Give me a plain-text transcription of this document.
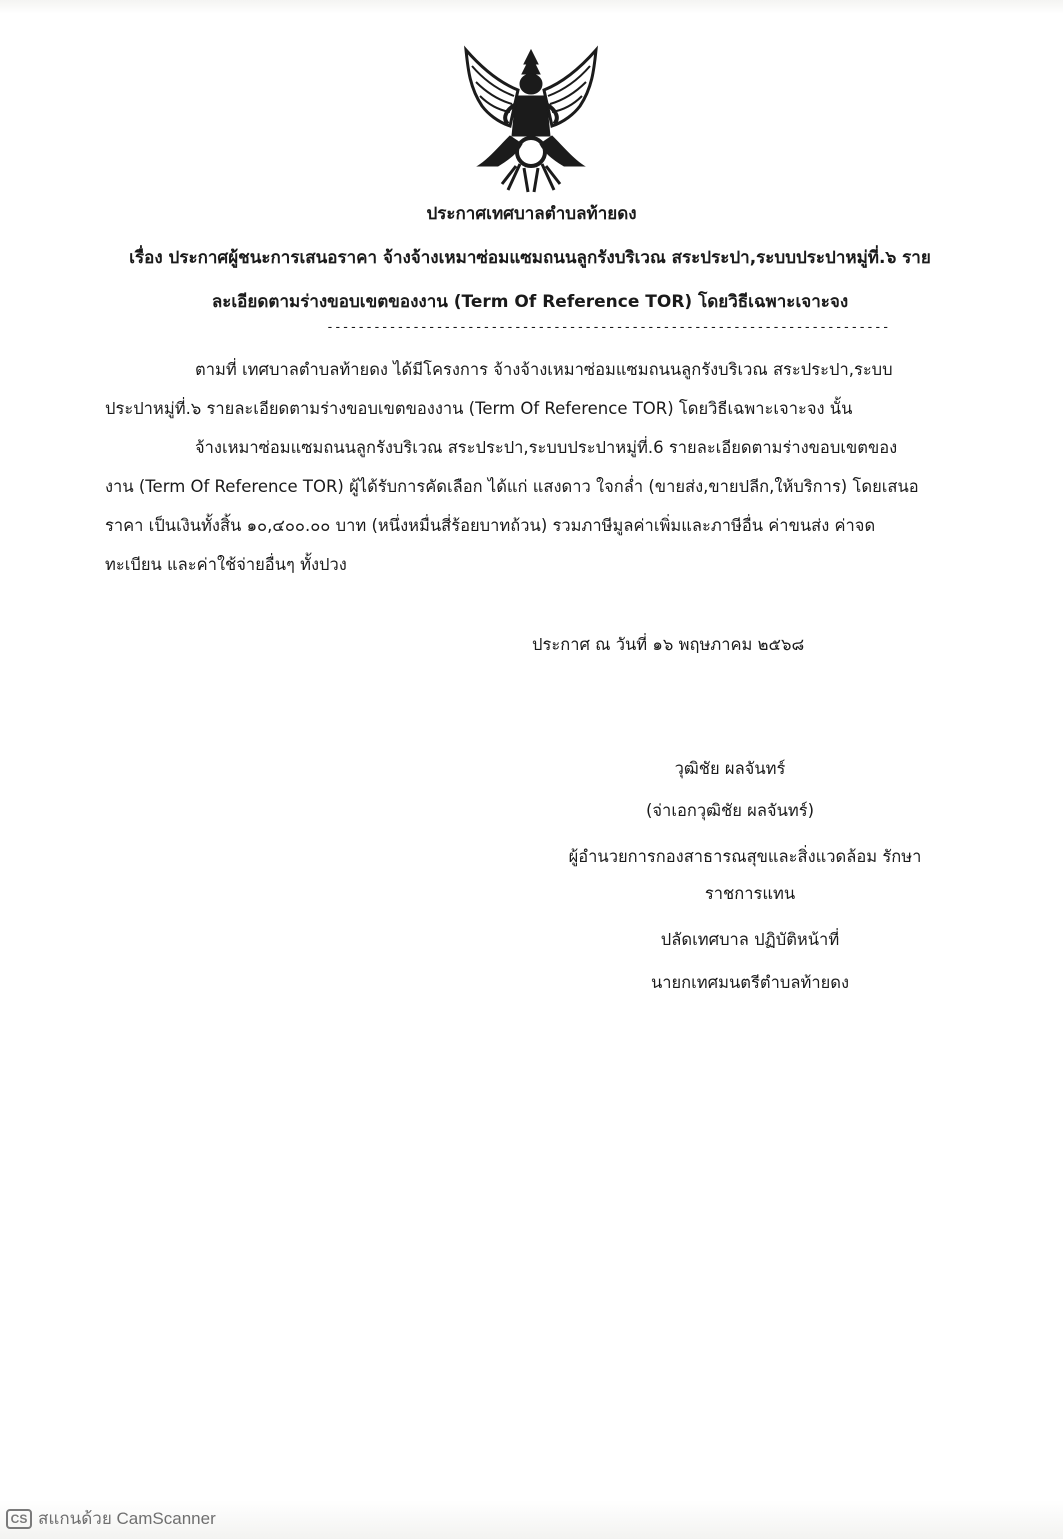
ประกาศเทศบาลตำบลท้ายดง
เรื่อง ประกาศผู้ชนะการเสนอราคา จ้างจ้างเหมาซ่อมแซมถนนลูกรังบริเวณ สระประปา,ระบบประปาหมู่ที่.๖ ราย
ละเอียดตามร่างขอบเขตของงาน (Term Of Reference TOR) โดยวิธีเฉพาะเจาะจง
------------------------------------------------------------------------
ตามที่ เทศบาลตำบลท้ายดง ได้มีโครงการ จ้างจ้างเหมาซ่อมแซมถนนลูกรังบริเวณ สระประปา,ระบบ
ประปาหมู่ที่.๖ รายละเอียดตามร่างขอบเขตของงาน (Term Of Reference TOR) โดยวิธีเฉพาะเจาะจง นั้น
จ้างเหมาซ่อมแซมถนนลูกรังบริเวณ สระประปา,ระบบประปาหมู่ที่.6 รายละเอียดตามร่างขอบเขตของ
งาน (Term Of Reference TOR) ผู้ได้รับการคัดเลือก ได้แก่ แสงดาว ใจกล่ำ (ขายส่ง,ขายปลีก,ให้บริการ) โดยเสนอ
ราคา เป็นเงินทั้งสิ้น ๑๐,๔๐๐.๐๐ บาท (หนึ่งหมื่นสี่ร้อยบาทถ้วน) รวมภาษีมูลค่าเพิ่มและภาษีอื่น ค่าขนส่ง ค่าจด
ทะเบียน และค่าใช้จ่ายอื่นๆ ทั้งปวง
ประกาศ ณ วันที่ ๑๖ พฤษภาคม ๒๕๖๘
วุฒิชัย ผลจันทร์
(จ่าเอกวุฒิชัย ผลจันทร์)
ผู้อำนวยการกองสาธารณสุขและสิ่งแวดล้อม รักษา
ราชการแทน
ปลัดเทศบาล ปฏิบัติหน้าที่
นายกเทศมนตรีตำบลท้ายดง
CS สแกนด้วย CamScanner
